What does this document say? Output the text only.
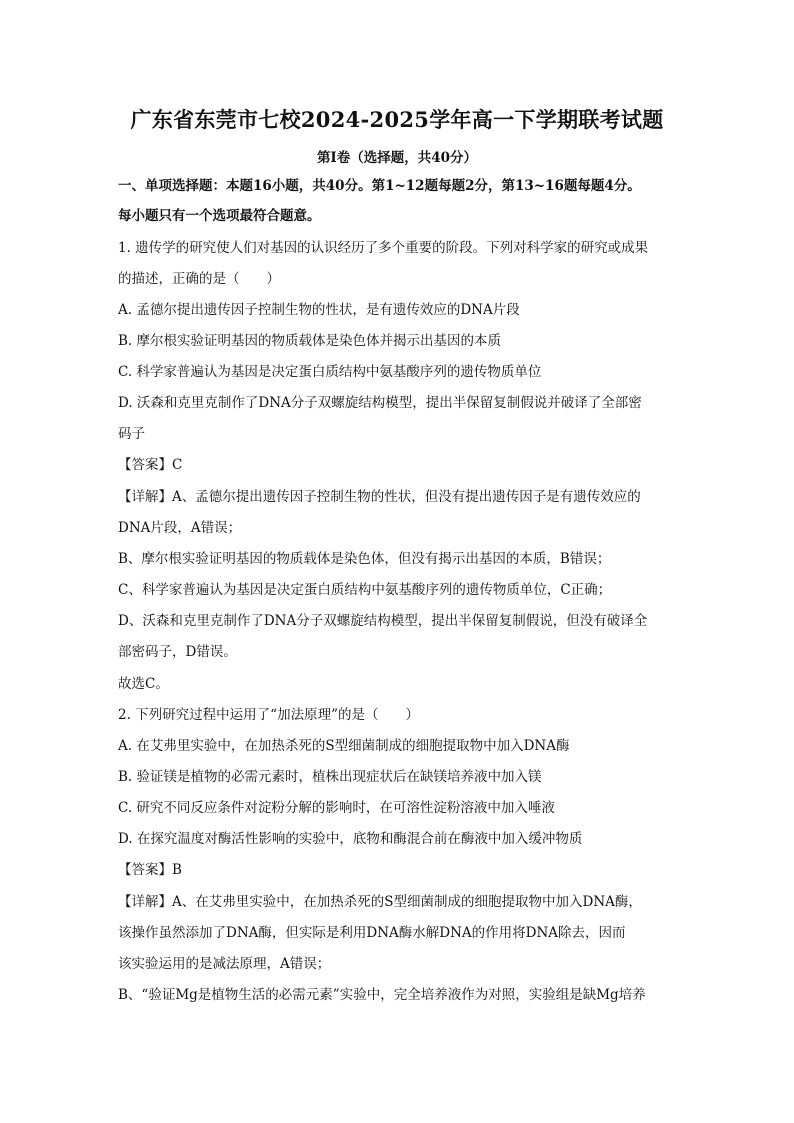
广东省东莞市七校2024-2025学年高一下学期联考试题
第I卷（选择题，共40分）
一、单项选择题：本题16小题，共40分。第1~12题每题2分，第13~16题每题4分。
每小题只有一个选项最符合题意。
1. 遗传学的研究使人们对基因的认识经历了多个重要的阶段。下列对科学家的研究或成果
的描述，正确的是（　　）
A. 孟德尔提出遗传因子控制生物的性状，是有遗传效应的DNA片段
B. 摩尔根实验证明基因的物质载体是染色体并揭示出基因的本质
C. 科学家普遍认为基因是决定蛋白质结构中氨基酸序列的遗传物质单位
D. 沃森和克里克制作了DNA分子双螺旋结构模型，提出半保留复制假说并破译了全部密
码子
【答案】C
【详解】A、孟德尔提出遗传因子控制生物的性状，但没有提出遗传因子是有遗传效应的
DNA片段，A错误；
B、摩尔根实验证明基因的物质载体是染色体，但没有揭示出基因的本质，B错误；
C、科学家普遍认为基因是决定蛋白质结构中氨基酸序列的遗传物质单位，C正确；
D、沃森和克里克制作了DNA分子双螺旋结构模型，提出半保留复制假说，但没有破译全
部密码子，D错误。
故选C。
2. 下列研究过程中运用了“加法原理”的是（　　）
A. 在艾弗里实验中，在加热杀死的S型细菌制成的细胞提取物中加入DNA酶
B. 验证镁是植物的必需元素时，植株出现症状后在缺镁培养液中加入镁
C. 研究不同反应条件对淀粉分解的影响时，在可溶性淀粉溶液中加入唾液
D. 在探究温度对酶活性影响的实验中，底物和酶混合前在酶液中加入缓冲物质
【答案】B
【详解】A、在艾弗里实验中，在加热杀死的S型细菌制成的细胞提取物中加入DNA酶，
该操作虽然添加了DNA酶，但实际是利用DNA酶水解DNA的作用将DNA除去，因而
该实验运用的是减法原理，A错误；
B、“验证Mg是植物生活的必需元素”实验中，完全培养液作为对照，实验组是缺Mg培养
